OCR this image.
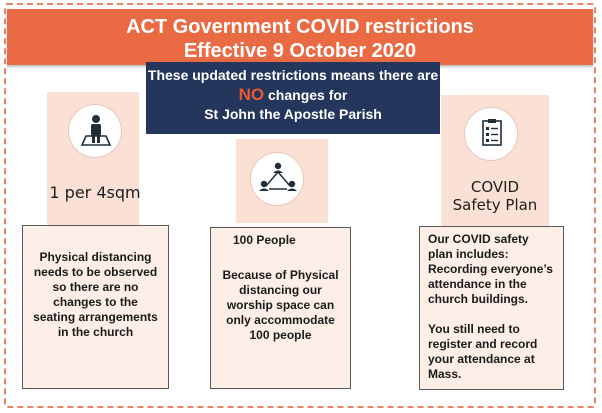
1 per 4sqm	COVID
Safety Plan
ACT Government COVID restrictions
Effective 9 October 2020
These updated restrictions means there are
NO changes for
St John the Apostle Parish

Physical distancing needs to be observed so there are no changes to the seating arrangements in the church

100 People

Because of Physical distancing our worship space can only accommodate 100 people

Our COVID safety plan includes: Recording everyone’s attendance in the church buildings.

You still need to register and record your attendance at Mass.
